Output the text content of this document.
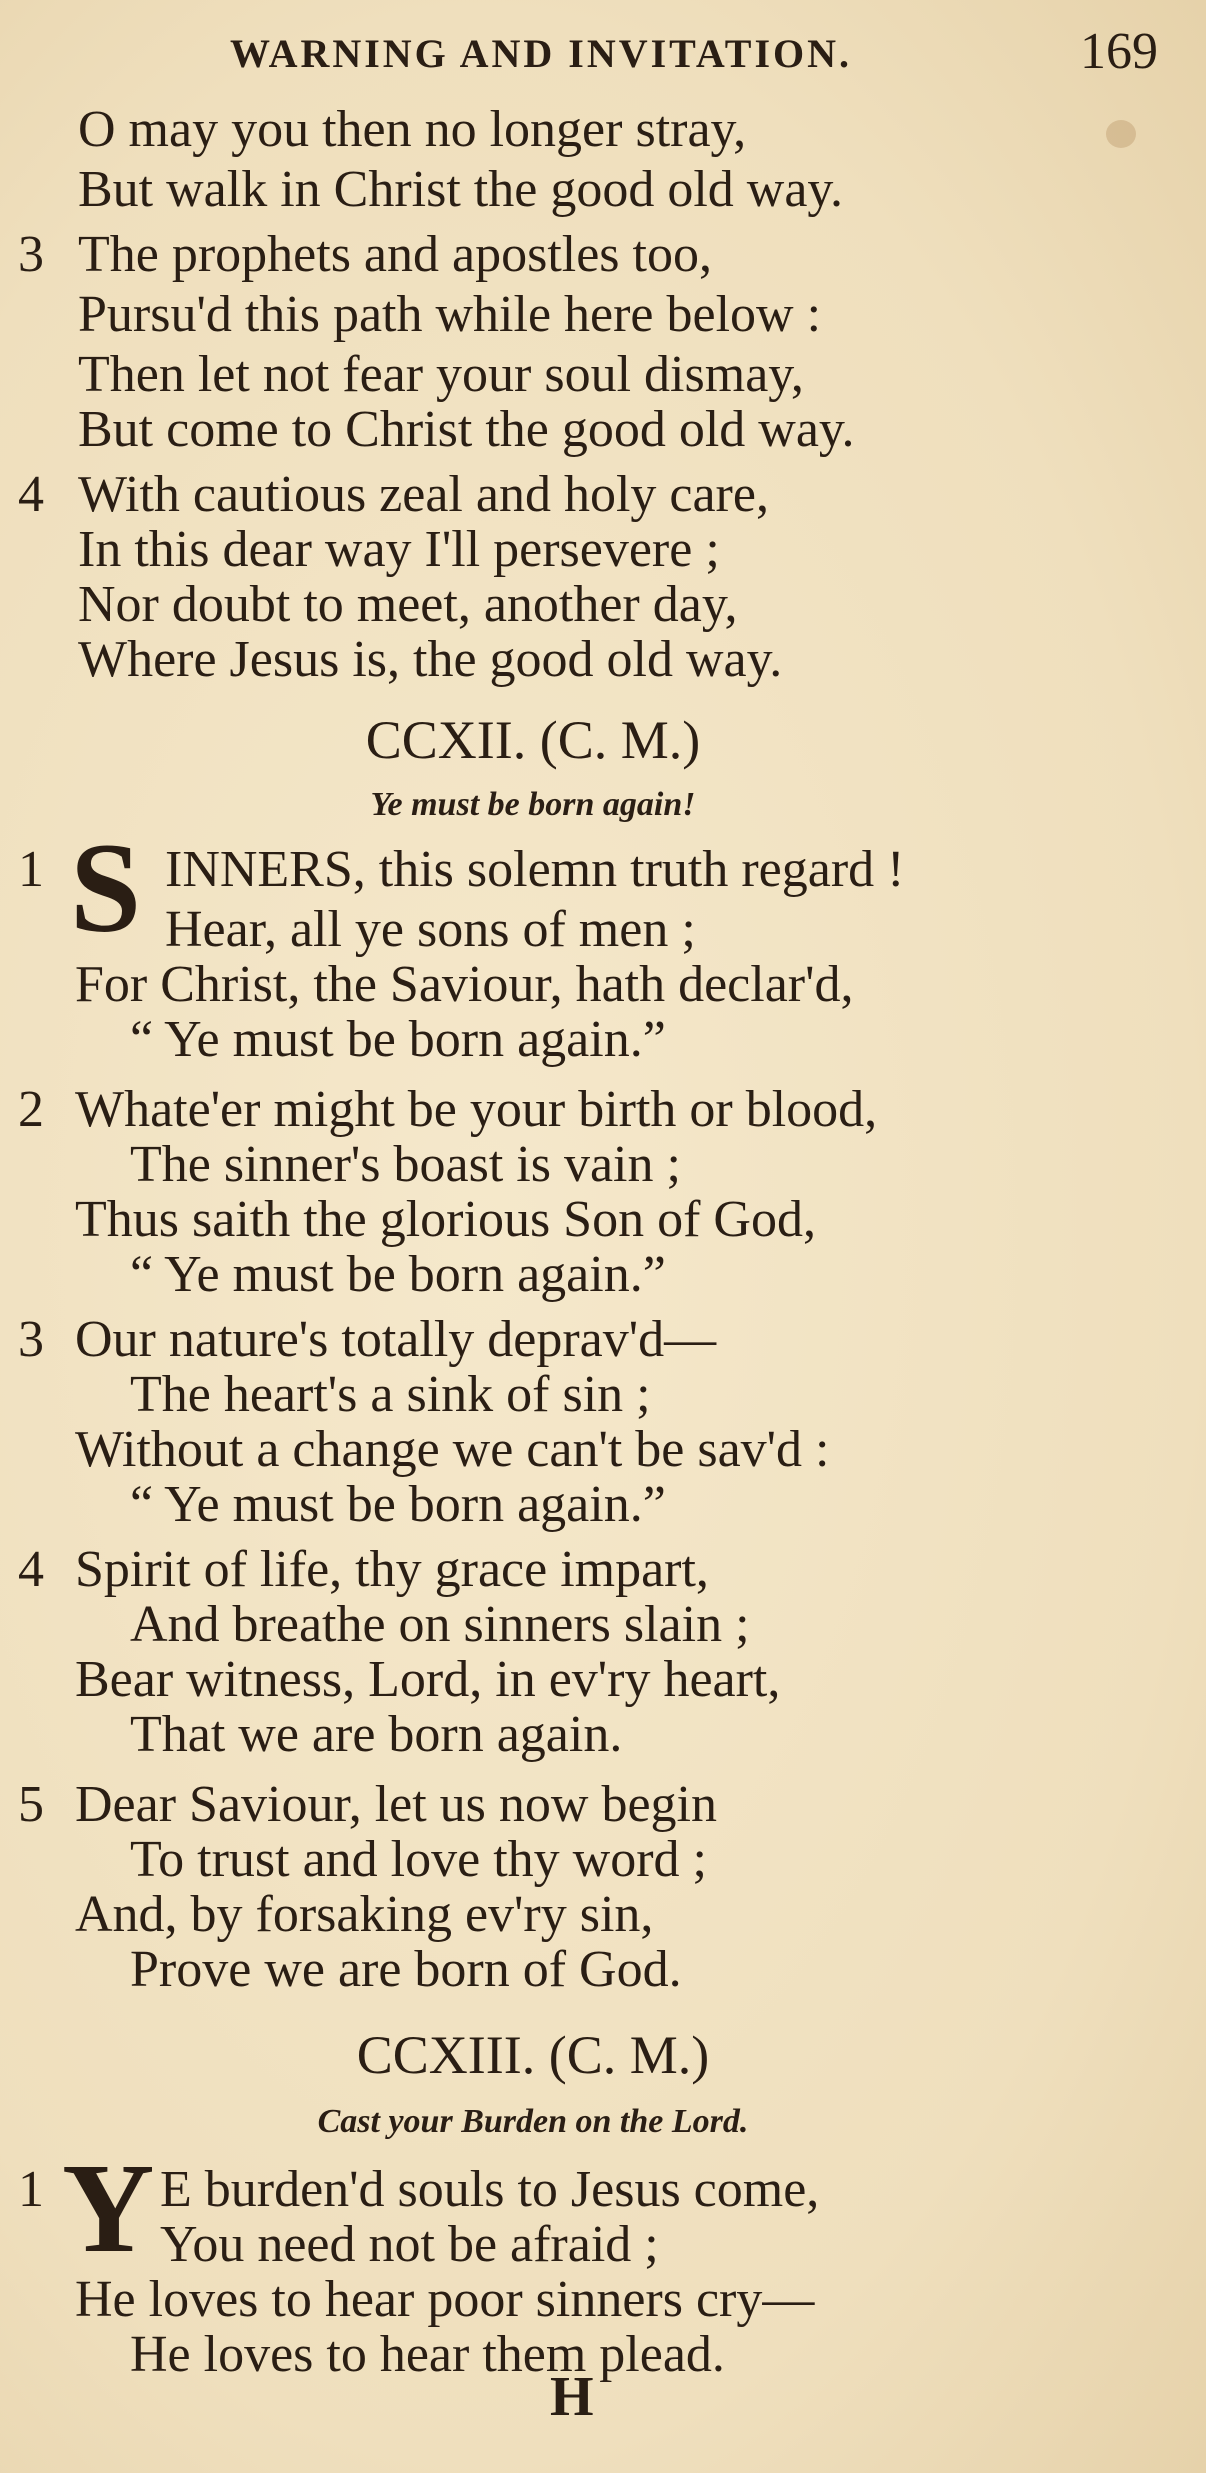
WARNING AND INVITATION.	169
O may you then no longer stray,
But walk in Christ the good old way.
3 The prophets and apostles too,
Pursu'd this path while here below :
Then let not fear your soul dismay,
But come to Christ the good old way.
4 With cautious zeal and holy care,
In this dear way I'll persevere ;
Nor doubt to meet, another day,
Where Jesus is, the good old way.
CCXII. (C. M.)
Ye must be born again!
1 S INNERS, this solemn truth regard !
Hear, all ye sons of men ;
For Christ, the Saviour, hath declar'd,
“ Ye must be born again.”
2 Whate'er might be your birth or blood,
The sinner's boast is vain ;
Thus saith the glorious Son of God,
“ Ye must be born again.”
3 Our nature's totally deprav'd—
The heart's a sink of sin ;
Without a change we can't be sav'd :
“ Ye must be born again.”
4 Spirit of life, thy grace impart,
And breathe on sinners slain ;
Bear witness, Lord, in ev'ry heart,
That we are born again.
5 Dear Saviour, let us now begin
To trust and love thy word ;
And, by forsaking ev'ry sin,
Prove we are born of God.
CCXIII. (C. M.)
Cast your Burden on the Lord.
1 Y E burden'd souls to Jesus come,
You need not be afraid ;
He loves to hear poor sinners cry—
He loves to hear them plead.
H
